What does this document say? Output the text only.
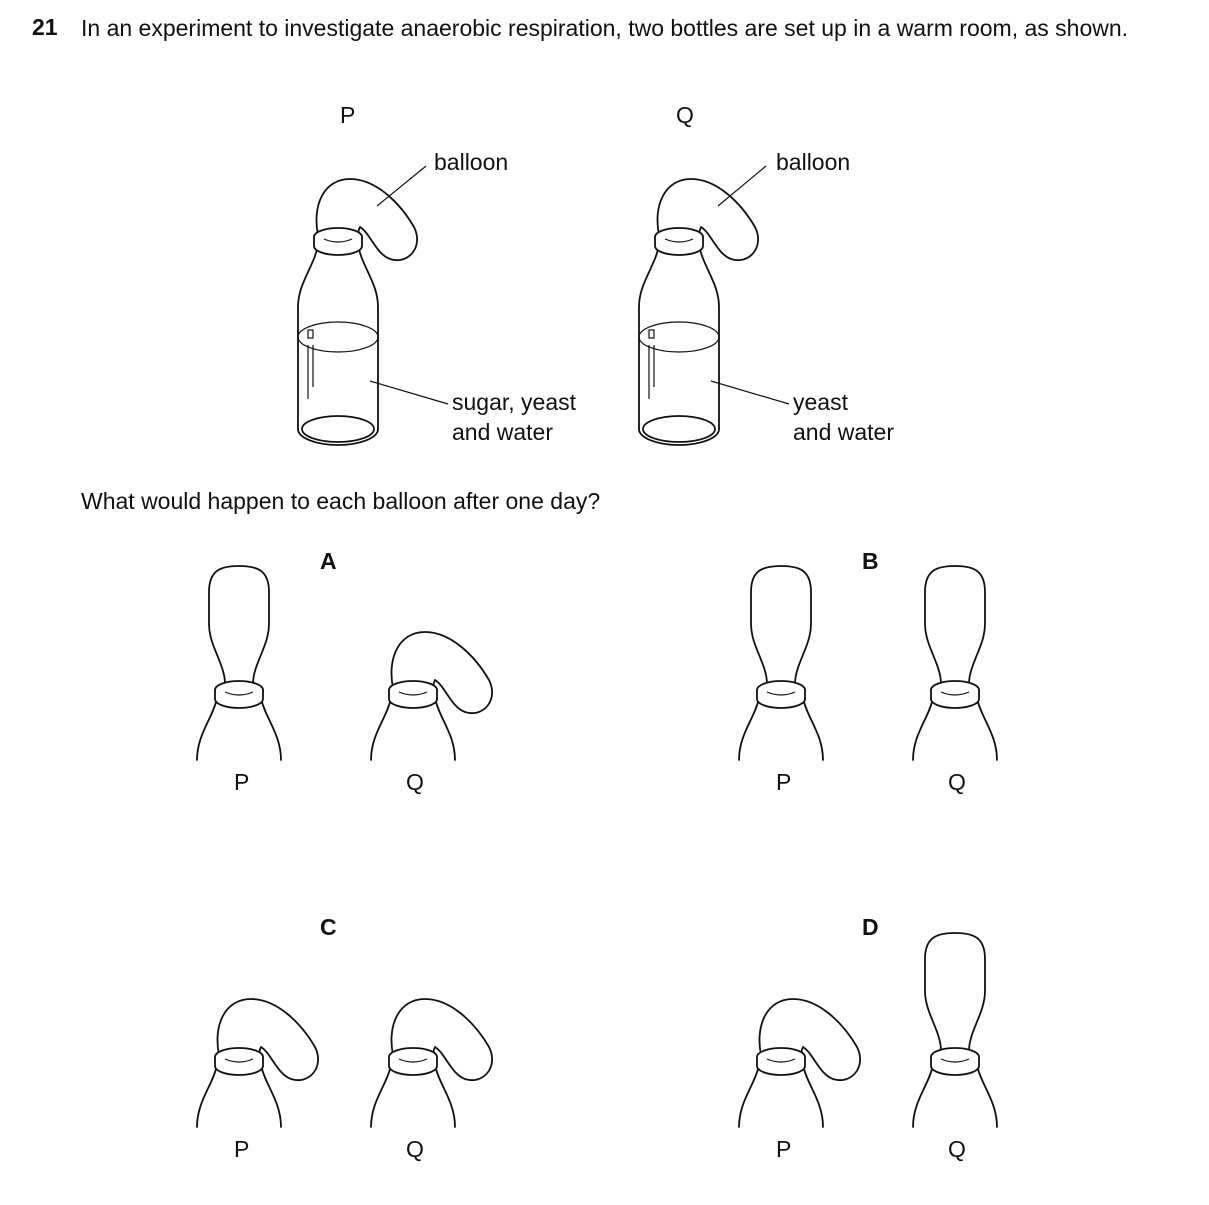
21 In an experiment to investigate anaerobic respiration, two bottles are set up in a warm room, as shown.
P	Q
balloon	balloon
sugar, yeast
and water
yeast
and water
What would happen to each balloon after one day?
A	B
C	D
P	Q	P	Q
P	Q	P	Q
